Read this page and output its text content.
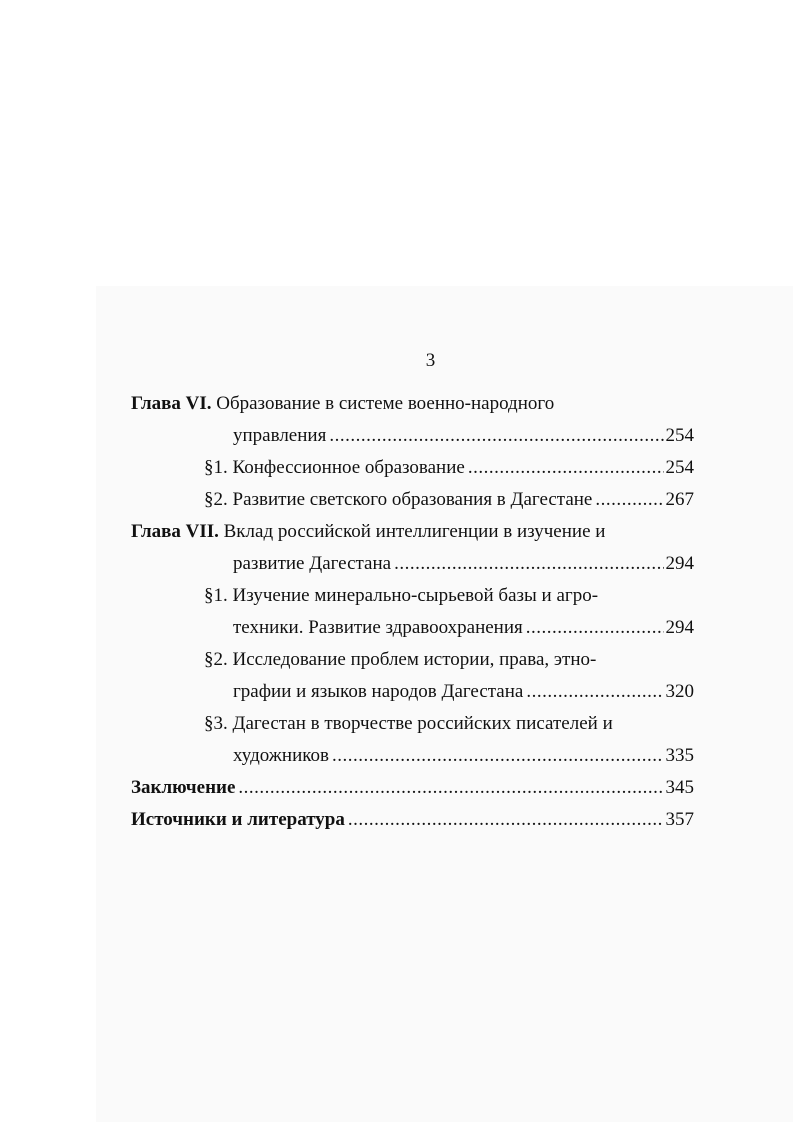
3
Глава VI.
Образование в системе военно-народного
управления .....	254
§1. Конфессионное образование .....	254
§2. Развитие светского образования в Дагестане .....	267
Глава VII.
Вклад российской интеллигенции в изучение и
развитие Дагестана .....	294
§1. Изучение минерально-сырьевой базы и агро-
техники. Развитие здравоохранения .....	294
§2. Исследование проблем истории, права, этно-
графии и языков народов Дагестана .....	320
§3. Дагестан в творчестве российских писателей и
художников .....	335
Заключение .....	345
Источники и литература .....	357
